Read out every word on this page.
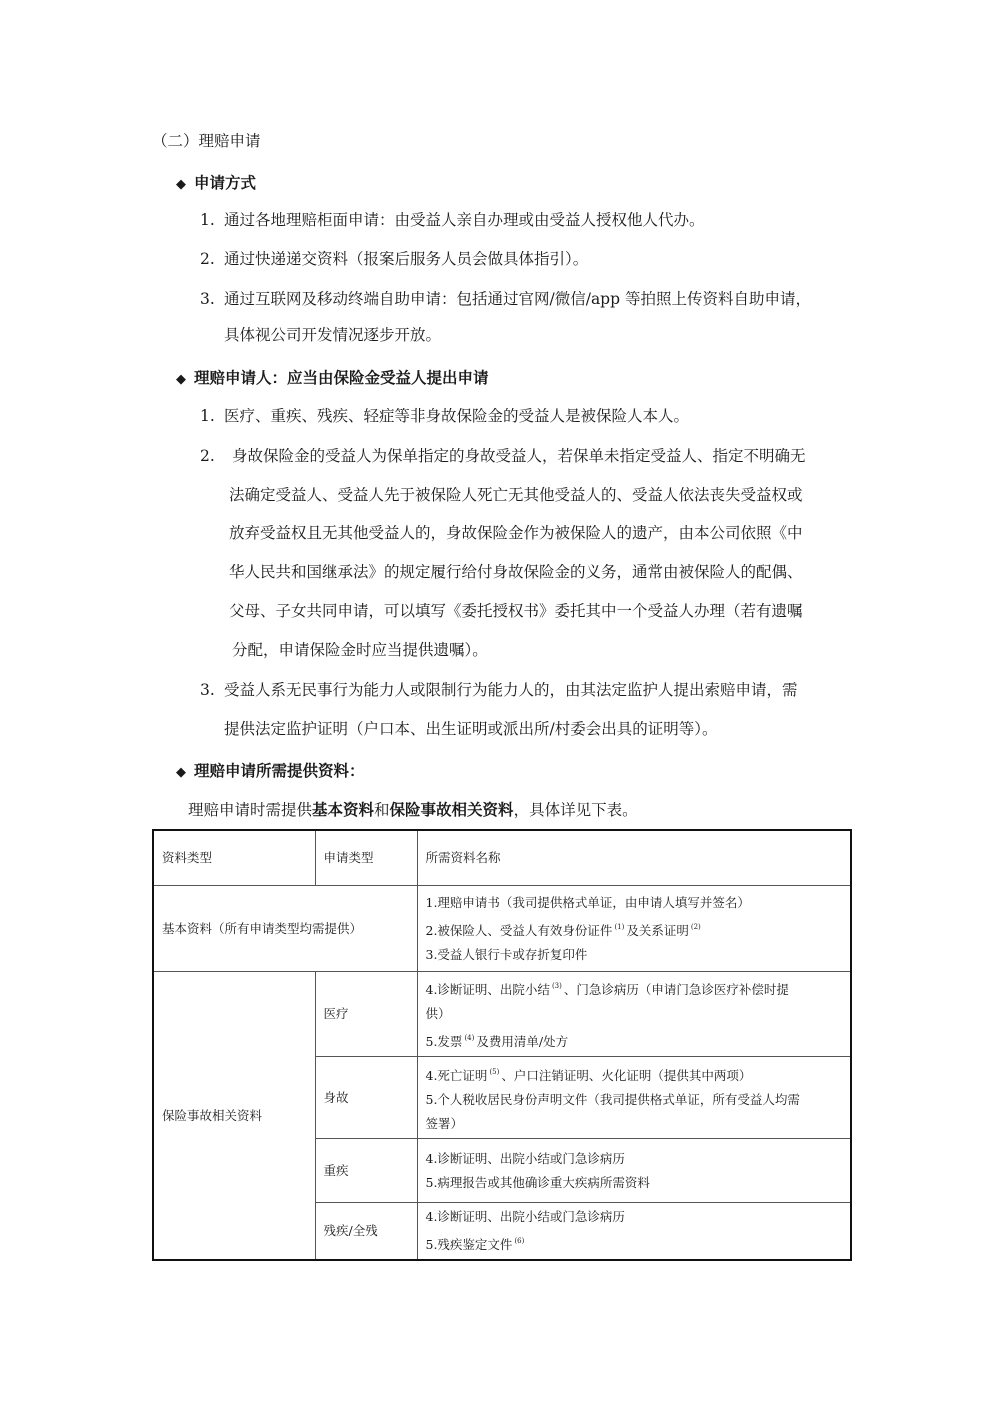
（二）理赔申请
◆ 申请方式
1. 通过各地理赔柜面申请：由受益人亲自办理或由受益人授权他人代办。
2. 通过快递递交资料（报案后服务人员会做具体指引）。
3. 通过互联网及移动终端自助申请：包括通过官网/微信/app 等拍照上传资料自助申请，
具体视公司开发情况逐步开放。
◆ 理赔申请人：应当由保险金受益人提出申请
1. 医疗、重疾、残疾、轻症等非身故保险金的受益人是被保险人本人。
2. 身故保险金的受益人为保单指定的身故受益人，若保单未指定受益人、指定不明确无
法确定受益人、受益人先于被保险人死亡无其他受益人的、受益人依法丧失受益权或
放弃受益权且无其他受益人的，身故保险金作为被保险人的遗产，由本公司依照《中
华人民共和国继承法》的规定履行给付身故保险金的义务，通常由被保险人的配偶、
父母、子女共同申请，可以填写《委托授权书》委托其中一个受益人办理（若有遗嘱
分配，申请保险金时应当提供遗嘱）。
3. 受益人系无民事行为能力人或限制行为能力人的，由其法定监护人提出索赔申请，需
提供法定监护证明（户口本、出生证明或派出所/村委会出具的证明等）。
◆ 理赔申请所需提供资料：
理赔申请时需提供基本资料和保险事故相关资料，具体详见下表。
资料类型	申请类型	所需资料名称
基本资料（所有申请类型均需提供）		1.理赔申请书（我司提供格式单证，由申请人填写并签名）
2.被保险人、受益人有效身份证件 $^{(1)}$ 及关系证明 $^{(2)}$
3.受益人银行卡或存折复印件

保险事故相关资料	医疗	4.诊断证明、出院小结 $^{(3)}$ 、门急诊病历（申请门急诊医疗补偿时提
供）
5.发票 $^{(4)}$ 及费用清单/处方

	身故	4.死亡证明 $^{(5)}$ 、户口注销证明、火化证明（提供其中两项）
5.个人税收居民身份声明文件（我司提供格式单证，所有受益人均需
签署）

	重疾	4.诊断证明、出院小结或门急诊病历
5.病理报告或其他确诊重大疾病所需资料

	残疾/全残	4.诊断证明、出院小结或门急诊病历
5.残疾鉴定文件 $^{(6)}$
